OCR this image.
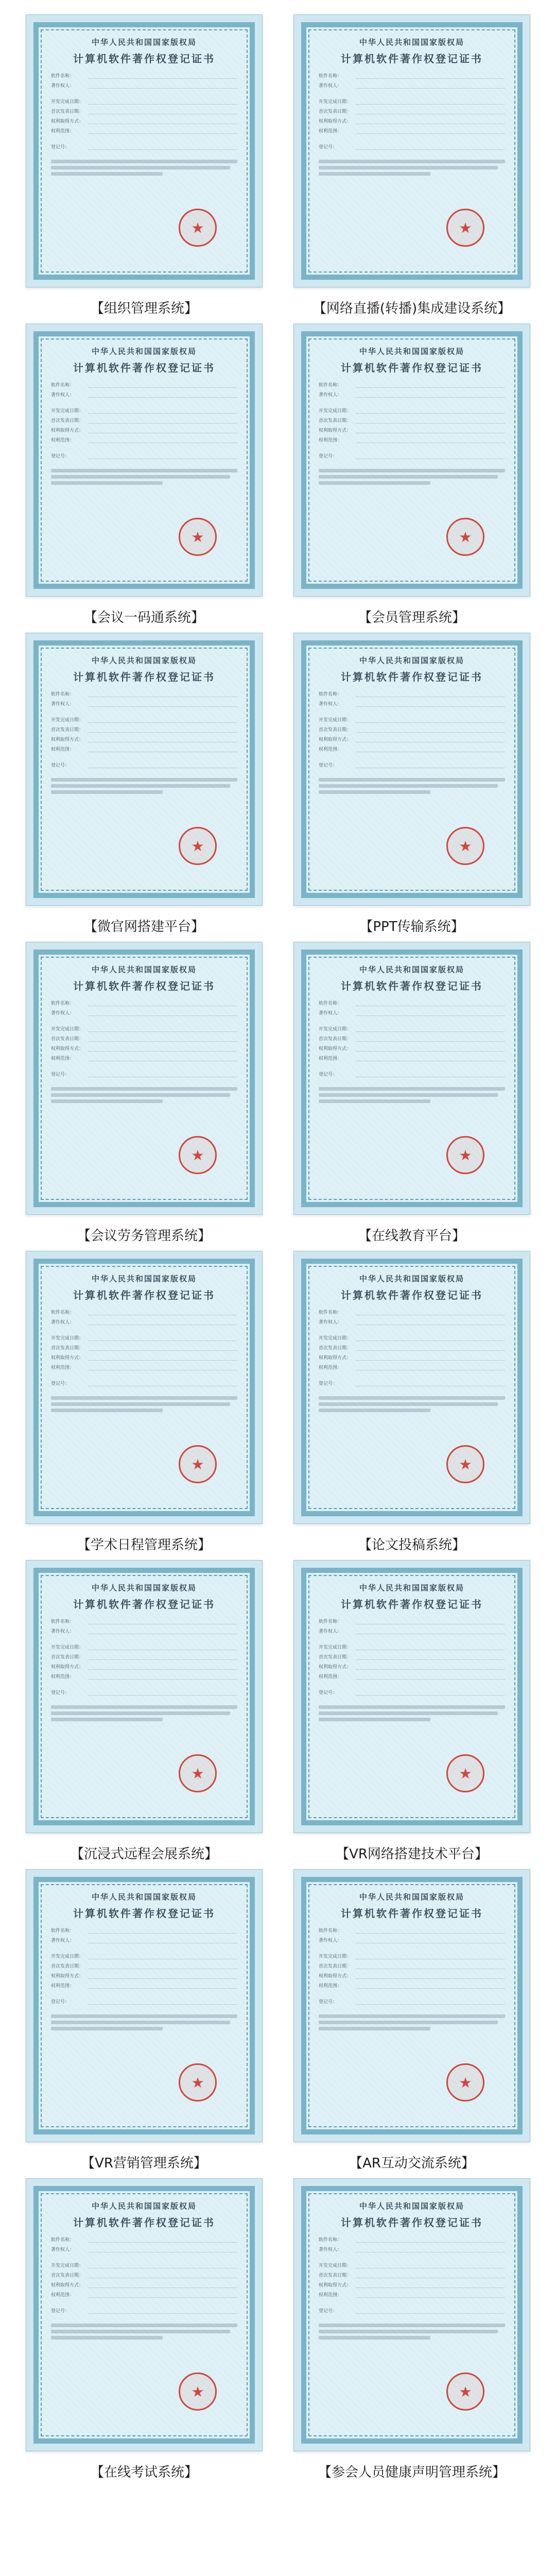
中华人民共和国国家版权局
计算机软件著作权登记证书
软件名称：
著作权人：
开发完成日期：
首次发表日期：
权利取得方式：
权利范围：
登记号：
★
【组织管理系统】
中华人民共和国国家版权局
计算机软件著作权登记证书
软件名称：
著作权人：
开发完成日期：
首次发表日期：
权利取得方式：
权利范围：
登记号：
★
【网络直播(转播)集成建设系统】
中华人民共和国国家版权局
计算机软件著作权登记证书
软件名称：
著作权人：
开发完成日期：
首次发表日期：
权利取得方式：
权利范围：
登记号：
★
【会议一码通系统】
中华人民共和国国家版权局
计算机软件著作权登记证书
软件名称：
著作权人：
开发完成日期：
首次发表日期：
权利取得方式：
权利范围：
登记号：
★
【会员管理系统】
中华人民共和国国家版权局
计算机软件著作权登记证书
软件名称：
著作权人：
开发完成日期：
首次发表日期：
权利取得方式：
权利范围：
登记号：
★
【微官网搭建平台】
中华人民共和国国家版权局
计算机软件著作权登记证书
软件名称：
著作权人：
开发完成日期：
首次发表日期：
权利取得方式：
权利范围：
登记号：
★
【PPT传输系统】
中华人民共和国国家版权局
计算机软件著作权登记证书
软件名称：
著作权人：
开发完成日期：
首次发表日期：
权利取得方式：
权利范围：
登记号：
★
【会议劳务管理系统】
中华人民共和国国家版权局
计算机软件著作权登记证书
软件名称：
著作权人：
开发完成日期：
首次发表日期：
权利取得方式：
权利范围：
登记号：
★
【在线教育平台】
中华人民共和国国家版权局
计算机软件著作权登记证书
软件名称：
著作权人：
开发完成日期：
首次发表日期：
权利取得方式：
权利范围：
登记号：
★
【学术日程管理系统】
中华人民共和国国家版权局
计算机软件著作权登记证书
软件名称：
著作权人：
开发完成日期：
首次发表日期：
权利取得方式：
权利范围：
登记号：
★
【论文投稿系统】
中华人民共和国国家版权局
计算机软件著作权登记证书
软件名称：
著作权人：
开发完成日期：
首次发表日期：
权利取得方式：
权利范围：
登记号：
★
【沉浸式远程会展系统】
中华人民共和国国家版权局
计算机软件著作权登记证书
软件名称：
著作权人：
开发完成日期：
首次发表日期：
权利取得方式：
权利范围：
登记号：
★
【VR网络搭建技术平台】
中华人民共和国国家版权局
计算机软件著作权登记证书
软件名称：
著作权人：
开发完成日期：
首次发表日期：
权利取得方式：
权利范围：
登记号：
★
【VR营销管理系统】
中华人民共和国国家版权局
计算机软件著作权登记证书
软件名称：
著作权人：
开发完成日期：
首次发表日期：
权利取得方式：
权利范围：
登记号：
★
【AR互动交流系统】
中华人民共和国国家版权局
计算机软件著作权登记证书
软件名称：
著作权人：
开发完成日期：
首次发表日期：
权利取得方式：
权利范围：
登记号：
★
【在线考试系统】
中华人民共和国国家版权局
计算机软件著作权登记证书
软件名称：
著作权人：
开发完成日期：
首次发表日期：
权利取得方式：
权利范围：
登记号：
★
【参会人员健康声明管理系统】
